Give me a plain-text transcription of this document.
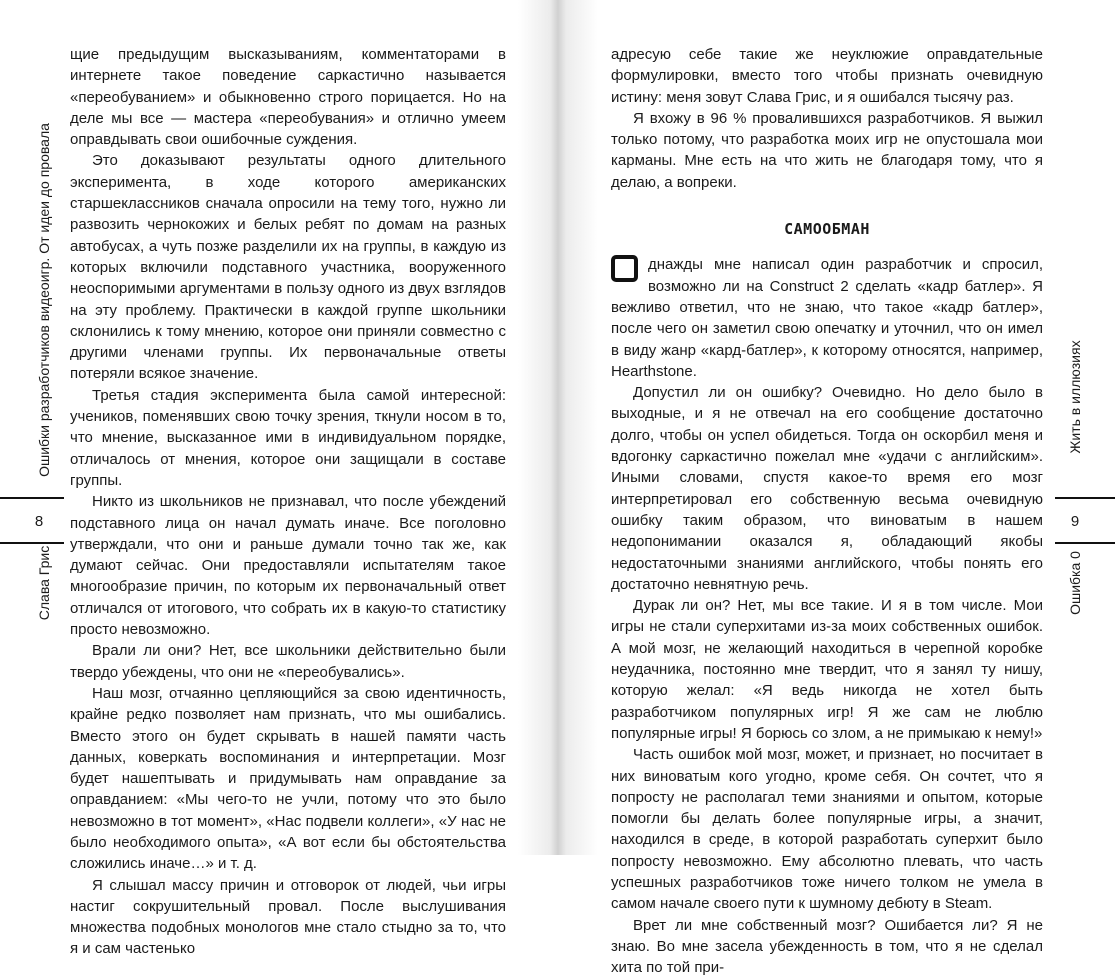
щие предыдущим высказываниям, комментаторами в интернете такое поведение саркастично называется «переобуванием» и обыкновенно строго порицается. Но на деле мы все — мастера «переобувания» и отлично умеем оправдывать свои ошибочные суждения.

Это доказывают результаты одного длительного эксперимента, в ходе которого американских старшеклассников сначала опросили на тему того, нужно ли развозить чернокожих и белых ребят по домам на разных автобусах, а чуть позже разделили их на группы, в каждую из которых включили подставного участника, вооруженного неоспоримыми аргументами в пользу одного из двух взглядов на эту проблему. Практически в каждой группе школьники склонились к тому мнению, которое они приняли совместно с другими членами группы. Их первоначальные ответы потеряли всякое значение.

Третья стадия эксперимента была самой интересной: учеников, поменявших свою точку зрения, ткнули носом в то, что мнение, высказанное ими в индивидуальном порядке, отличалось от мнения, которое они защищали в составе группы.

Никто из школьников не признавал, что после убеждений подставного лица он начал думать иначе. Все поголовно утверждали, что они и раньше думали точно так же, как думают сейчас. Они предоставляли испытателям такое многообразие причин, по которым их первоначальный ответ отличался от итогового, что собрать их в какую-то статистику просто невозможно.

Врали ли они? Нет, все школьники действительно были твердо убеждены, что они не «переобувались».

Наш мозг, отчаянно цепляющийся за свою идентичность, крайне редко позволяет нам признать, что мы ошибались. Вместо этого он будет скрывать в нашей памяти часть данных, коверкать воспоминания и интерпретации. Мозг будет нашептывать и придумывать нам оправдание за оправданием: «Мы чего-то не учли, потому что это было невозможно в тот момент», «Нас подвели коллеги», «У нас не было необходимого опыта», «А вот если бы обстоятельства сложились иначе…» и т. д.

Я слышал массу причин и отговорок от людей, чьи игры настиг сокрушительный провал. После выслушивания множества подобных монологов мне стало стыдно за то, что я и сам частенько

адресую себе такие же неуклюжие оправдательные формулировки, вместо того чтобы признать очевидную истину: меня зовут Слава Грис, и я ошибался тысячу раз.

Я вхожу в 96 % провалившихся разработчиков. Я выжил только потому, что разработка моих игр не опустошала мои карманы. Мне есть на что жить не благодаря тому, что я делаю, а вопреки.

САМООБМАН

днажды мне написал один разработчик и спросил, возможно ли на Construct 2 сделать «кадр батлер». Я вежливо ответил, что не знаю, что такое «кадр батлер», после чего он заметил свою опечатку и уточнил, что он имел в виду жанр «кард-батлер», к которому относятся, например, Hearthstone.

Допустил ли он ошибку? Очевидно. Но дело было в выходные, и я не отвечал на его сообщение достаточно долго, чтобы он успел обидеться. Тогда он оскорбил меня и вдогонку саркастично пожелал мне «удачи с английским». Иными словами, спустя какое-то время его мозг интерпретировал его собственную весьма очевидную ошибку таким образом, что виноватым в нашем недопонимании оказался я, обладающий якобы недостаточными знаниями английского, чтобы понять его достаточно невнятную речь.

Дурак ли он? Нет, мы все такие. И я в том числе. Мои игры не стали суперхитами из-за моих собственных ошибок. А мой мозг, не желающий находиться в черепной коробке неудачника, постоянно мне твердит, что я занял ту нишу, которую желал: «Я ведь никогда не хотел быть разработчиком популярных игр! Я же сам не люблю популярные игры! Я борюсь со злом, а не примыкаю к нему!»

Часть ошибок мой мозг, может, и признает, но посчитает в них виноватым кого угодно, кроме себя. Он сочтет, что я попросту не располагал теми знаниями и опытом, которые помогли бы делать более популярные игры, а значит, находился в среде, в которой разработать суперхит было попросту невозможно. Ему абсолютно плевать, что часть успешных разработчиков тоже ничего толком не умела в самом начале своего пути к шумному дебюту в Steam.

Врет ли мне собственный мозг? Ошибается ли? Я не знаю. Во мне засела убежденность в том, что я не сделал хита по той при-

Ошибки разработчиков видеоигр. От идеи до провала
8
Слава Грис
Жить в иллюзиях
9
Ошибка 0
